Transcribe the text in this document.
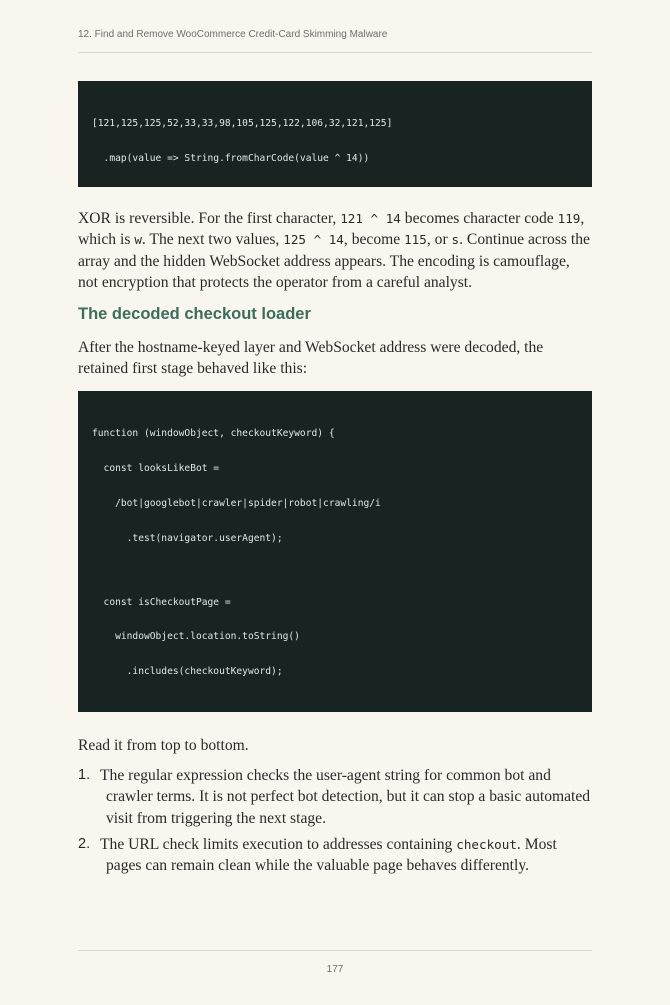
12. Find and Remove WooCommerce Credit-Card Skimming Malware

[121,125,125,52,33,33,98,105,125,122,106,32,121,125]

.map(value => String.fromCharCode(value ^ 14))

XOR is reversible. For the first character, 121 ^ 14 becomes character code 119, which is w. The next two values, 125 ^ 14, become 115, or s. Continue across the array and the hidden WebSocket address appears. The encoding is camouflage, not encryption that protects the operator from a careful analyst.

The decoded checkout loader

After the hostname-keyed layer and WebSocket address were decoded, the retained first stage behaved like this:

function (windowObject, checkoutKeyword) {

const looksLikeBot =

/bot|googlebot|crawler|spider|robot|crawling/i

.test(navigator.userAgent);

const isCheckoutPage =

windowObject.location.toString()

.includes(checkoutKeyword);

Read it from top to bottom.

1. The regular expression checks the user-agent string for common bot and crawler terms. It is not perfect bot detection, but it can stop a basic automated visit from triggering the next stage.

2. The URL check limits execution to addresses containing checkout. Most pages can remain clean while the valuable page behaves differently.

177
